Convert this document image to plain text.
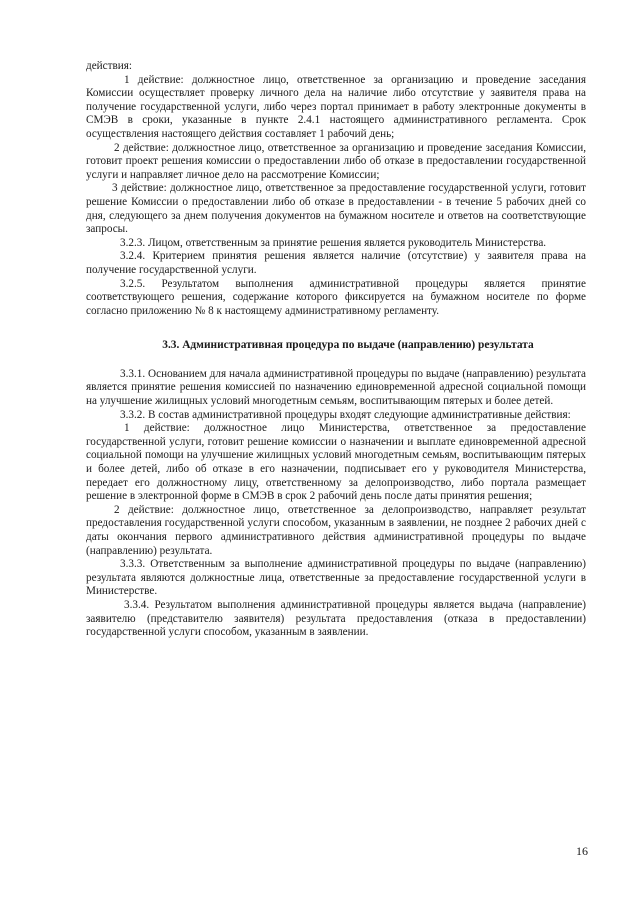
действия:

1 действие: должностное лицо, ответственное за организацию и проведение заседания Комиссии осуществляет проверку личного дела на наличие либо отсутствие у заявителя права на получение государственной услуги, либо через портал принимает в работу электронные документы в СМЭВ в сроки, указанные в пункте 2.4.1 настоящего административного регламента. Срок осуществления настоящего действия составляет 1 рабочий день;

2 действие: должностное лицо, ответственное за организацию и проведение заседания Комиссии, готовит проект решения комиссии о предоставлении либо об отказе в предоставлении государственной услуги и направляет личное дело на рассмотрение Комиссии;

3 действие: должностное лицо, ответственное за предоставление государственной услуги, готовит решение Комиссии о предоставлении либо об отказе в предоставлении - в течение 5 рабочих дней со дня, следующего за днем получения документов на бумажном носителе и ответов на соответствующие запросы.

3.2.3. Лицом, ответственным за принятие решения является руководитель Министерства.

3.2.4. Критерием принятия решения является наличие (отсутствие) у заявителя права на получение государственной услуги.

3.2.5. Результатом выполнения административной процедуры является принятие соответствующего решения, содержание которого фиксируется на бумажном носителе по форме согласно приложению № 8 к настоящему административному регламенту.

3.3. Административная процедура по выдаче (направлению) результата

3.3.1. Основанием для начала административной процедуры по выдаче (направлению) результата является принятие решения комиссией по назначению единовременной адресной социальной помощи на улучшение жилищных условий многодетным семьям, воспитывающим пятерых и более детей.

3.3.2. В состав административной процедуры входят следующие административные действия:

1 действие: должностное лицо Министерства, ответственное за предоставление государственной услуги, готовит решение комиссии о назначении и выплате единовременной адресной социальной помощи на улучшение жилищных условий многодетным семьям, воспитывающим пятерых и более детей, либо об отказе в его назначении, подписывает его у руководителя Министерства, передает его должностному лицу, ответственному за делопроизводство, либо портала размещает решение в электронной форме в СМЭВ в срок 2 рабочий день после даты принятия решения;

2 действие: должностное лицо, ответственное за делопроизводство, направляет результат предоставления государственной услуги способом, указанным в заявлении, не позднее 2 рабочих дней с даты окончания первого административного действия административной процедуры по выдаче (направлению) результата.

3.3.3. Ответственным за выполнение административной процедуры по выдаче (направлению) результата являются должностные лица, ответственные за предоставление государственной услуги в Министерстве.

3.3.4. Результатом выполнения административной процедуры является выдача (направление) заявителю (представителю заявителя) результата предоставления (отказа в предоставлении) государственной услуги способом, указанным в заявлении.

16
